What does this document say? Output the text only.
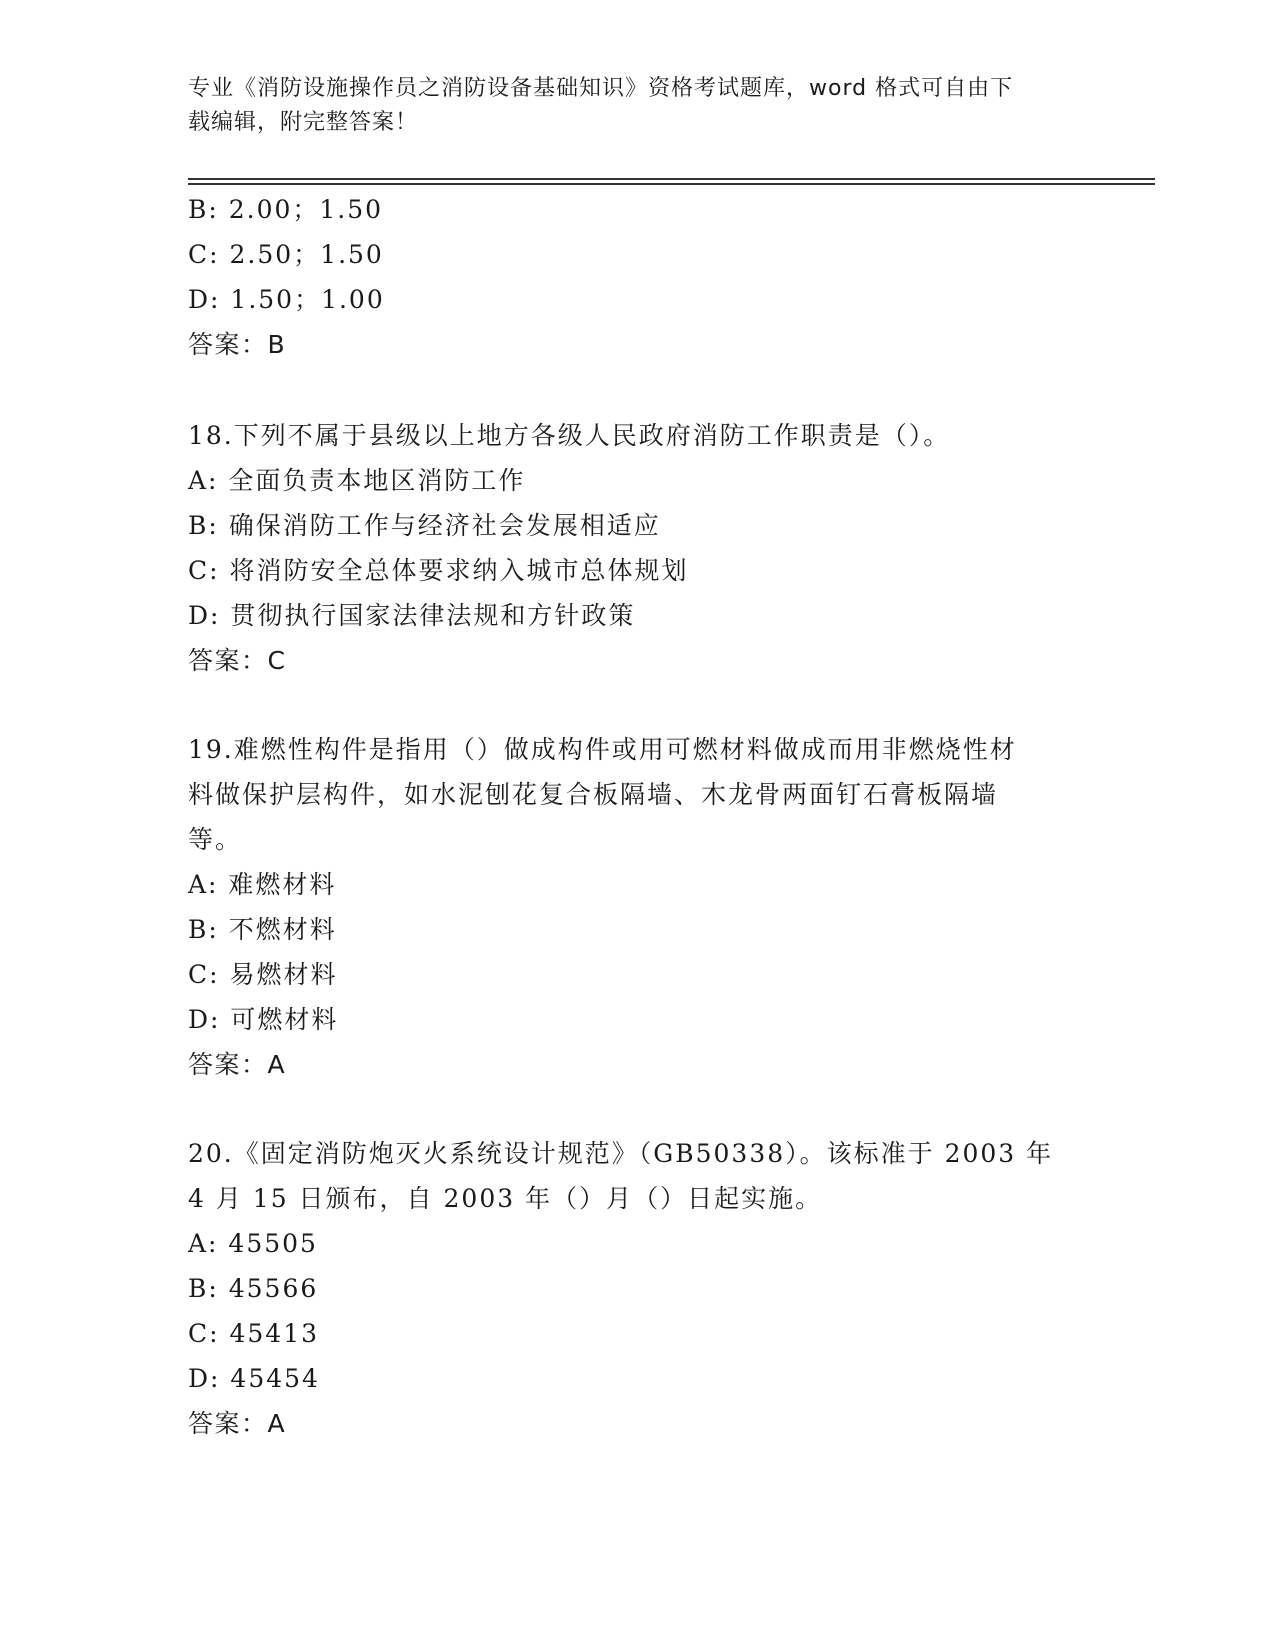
专业《消防设施操作员之消防设备基础知识》资格考试题库，word 格式可自由下
载编辑，附完整答案！
B: 2.00；1.50
C: 2.50；1.50
D: 1.50；1.00
答案：B
18.下列不属于县级以上地方各级人民政府消防工作职责是（）。
A: 全面负责本地区消防工作
B: 确保消防工作与经济社会发展相适应
C: 将消防安全总体要求纳入城市总体规划
D: 贯彻执行国家法律法规和方针政策
答案：C
19.难燃性构件是指用（）做成构件或用可燃材料做成而用非燃烧性材
料做保护层构件，如水泥刨花复合板隔墙、木龙骨两面钉石膏板隔墙
等。
A: 难燃材料
B: 不燃材料
C: 易燃材料
D: 可燃材料
答案：A
20.《固定消防炮灭火系统设计规范》（GB50338）。该标准于 2003 年
4 月 15 日颁布，自 2003 年（）月（）日起实施。
A: 45505
B: 45566
C: 45413
D: 45454
答案：A
